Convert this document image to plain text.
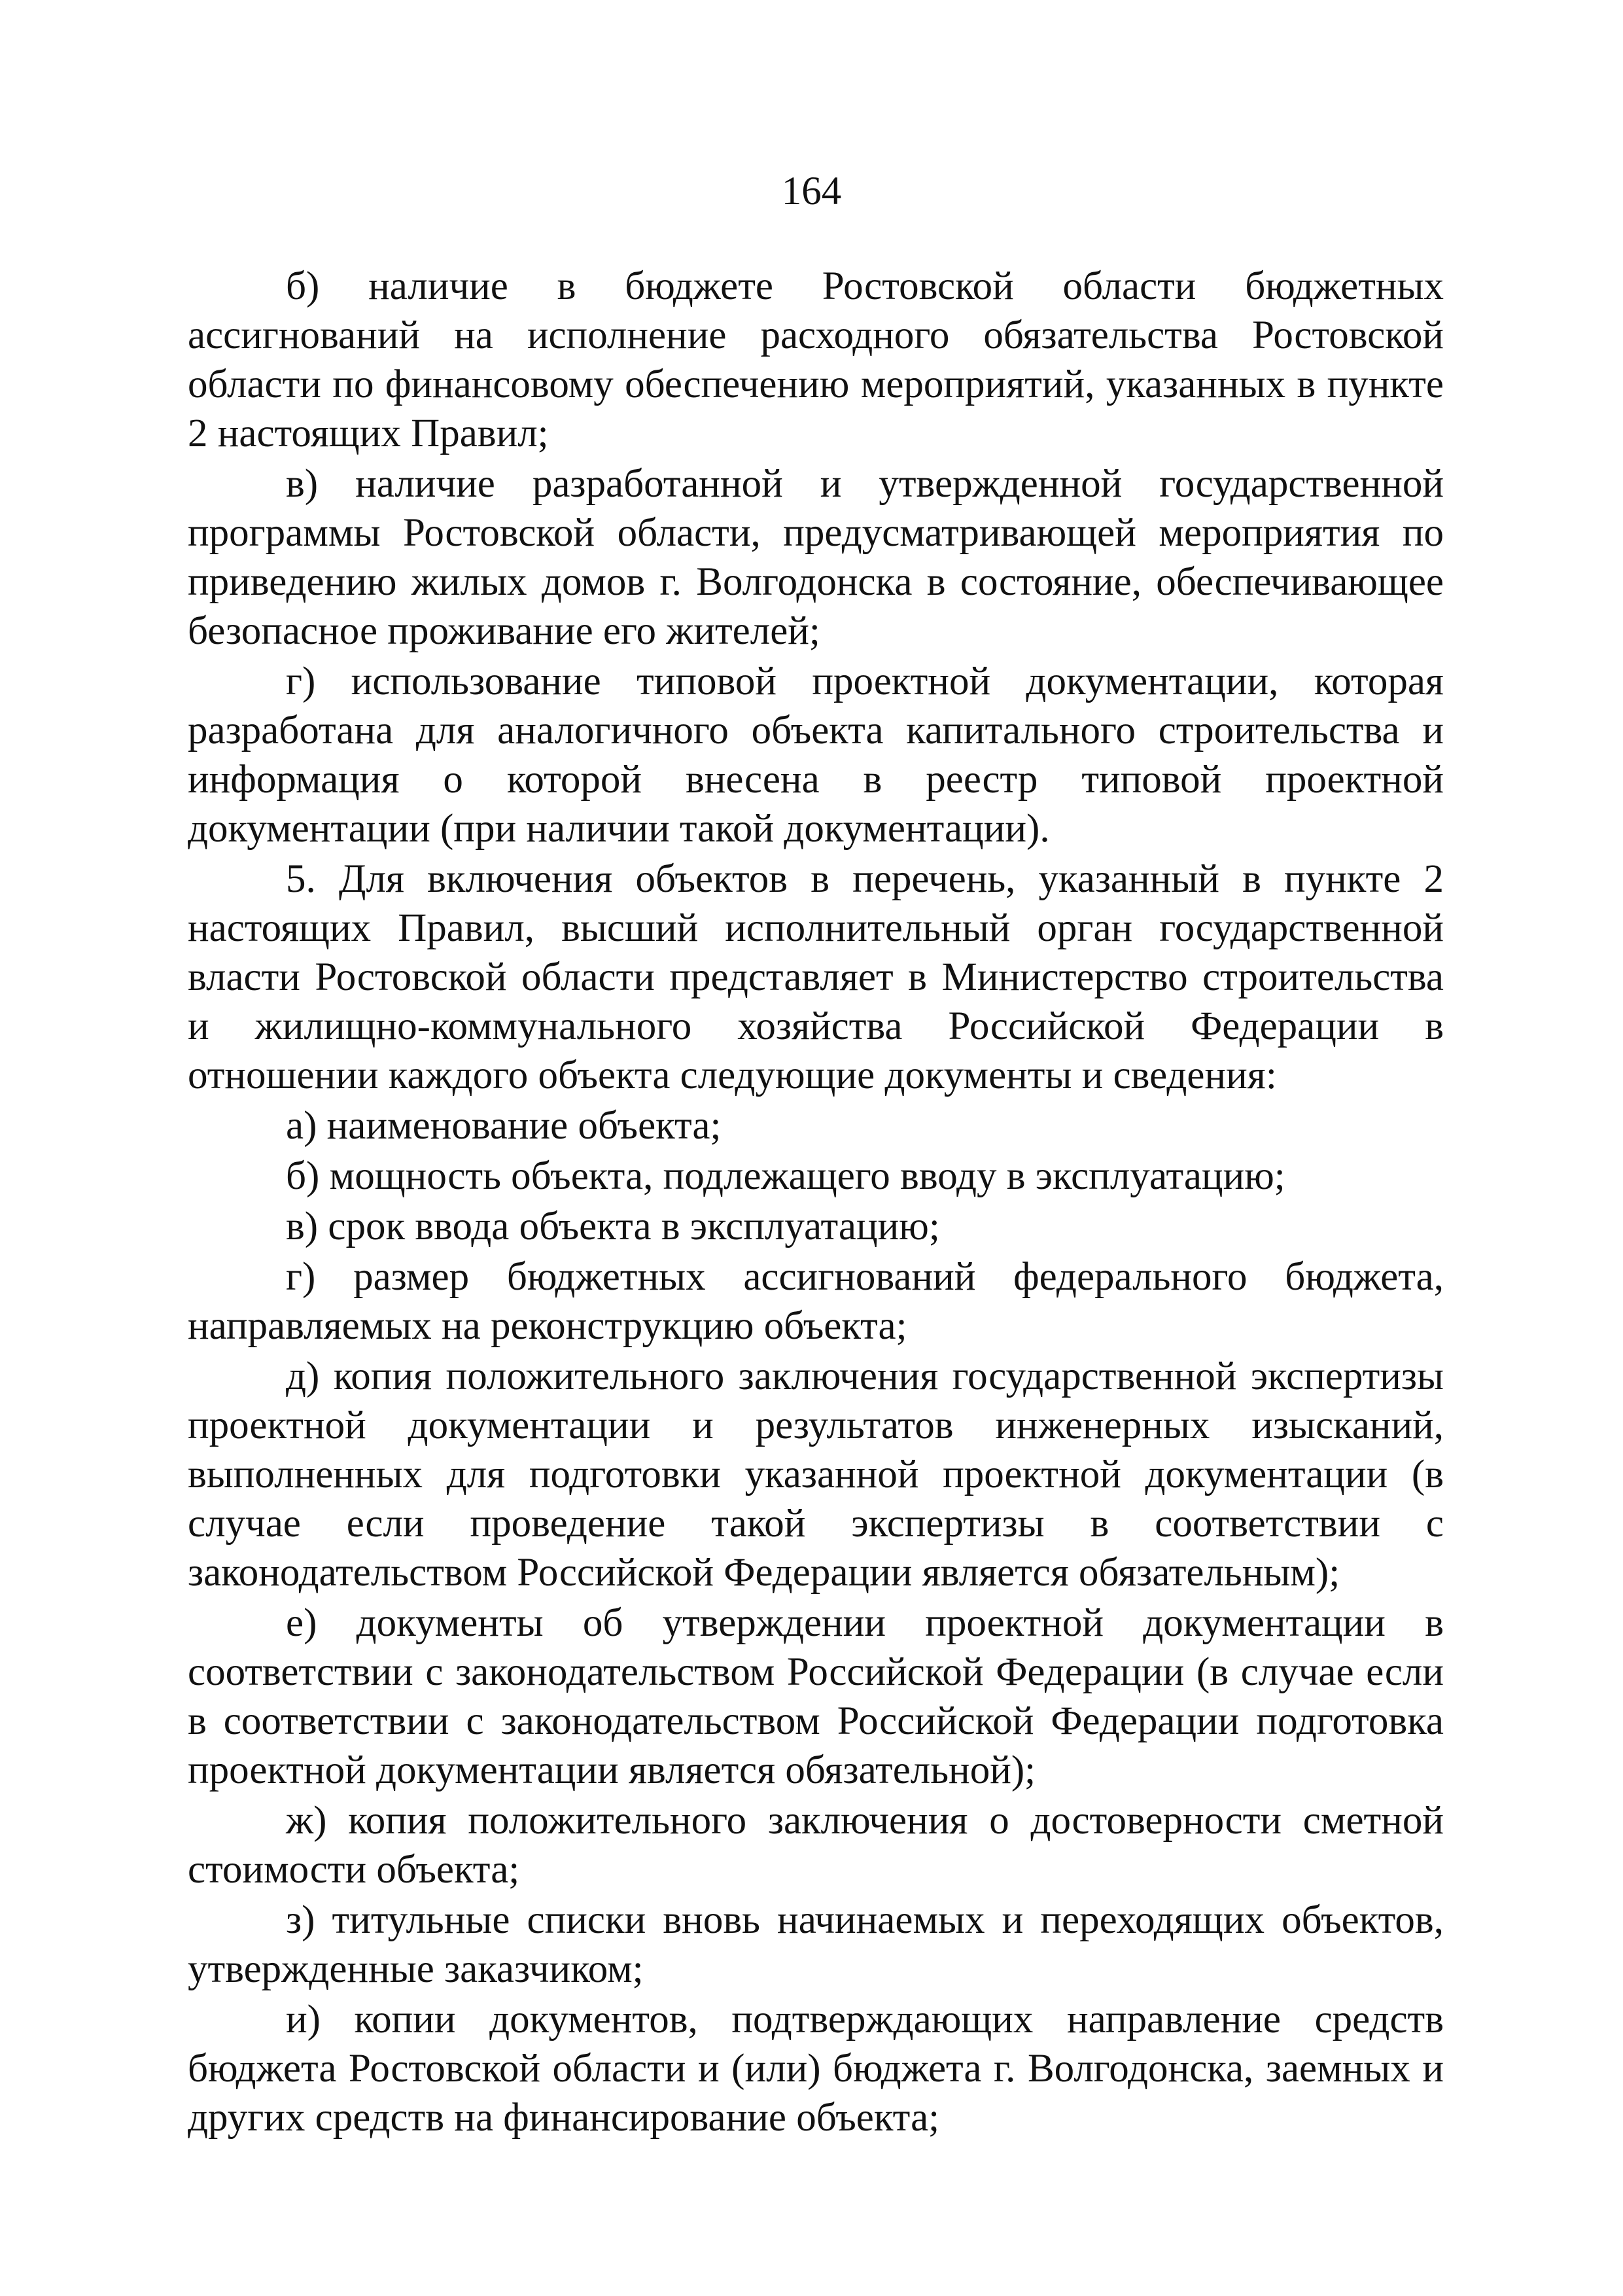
164

б) наличие в бюджете Ростовской области бюджетных ассигнований на исполнение расходного обязательства Ростовской области по финансовому обеспечению мероприятий, указанных в пункте 2 настоящих Правил;

в) наличие разработанной и утвержденной государственной программы Ростовской области, предусматривающей мероприятия по приведению жилых домов г. Волгодонска в состояние, обеспечивающее безопасное проживание его жителей;

г) использование типовой проектной документации, которая разработана для аналогичного объекта капитального строительства и информация о которой внесена в реестр типовой проектной документации (при наличии такой документации).

5. Для включения объектов в перечень, указанный в пункте 2 настоящих Правил, высший исполнительный орган государственной власти Ростовской области представляет в Министерство строительства и жилищно-коммунального хозяйства Российской Федерации в отношении каждого объекта следующие документы и сведения:

а) наименование объекта;

б) мощность объекта, подлежащего вводу в эксплуатацию;

в) срок ввода объекта в эксплуатацию;

г) размер бюджетных ассигнований федерального бюджета, направляемых на реконструкцию объекта;

д) копия положительного заключения государственной экспертизы проектной документации и результатов инженерных изысканий, выполненных для подготовки указанной проектной документации (в случае если проведение такой экспертизы в соответствии с законодательством Российской Федерации является обязательным);

е) документы об утверждении проектной документации в соответствии с законодательством Российской Федерации (в случае если в соответствии с законодательством Российской Федерации подготовка проектной документации является обязательной);

ж) копия положительного заключения о достоверности сметной стоимости объекта;

з) титульные списки вновь начинаемых и переходящих объектов, утвержденные заказчиком;

и) копии документов, подтверждающих направление средств бюджета Ростовской области и (или) бюджета г. Волгодонска, заемных и других средств на финансирование объекта;
